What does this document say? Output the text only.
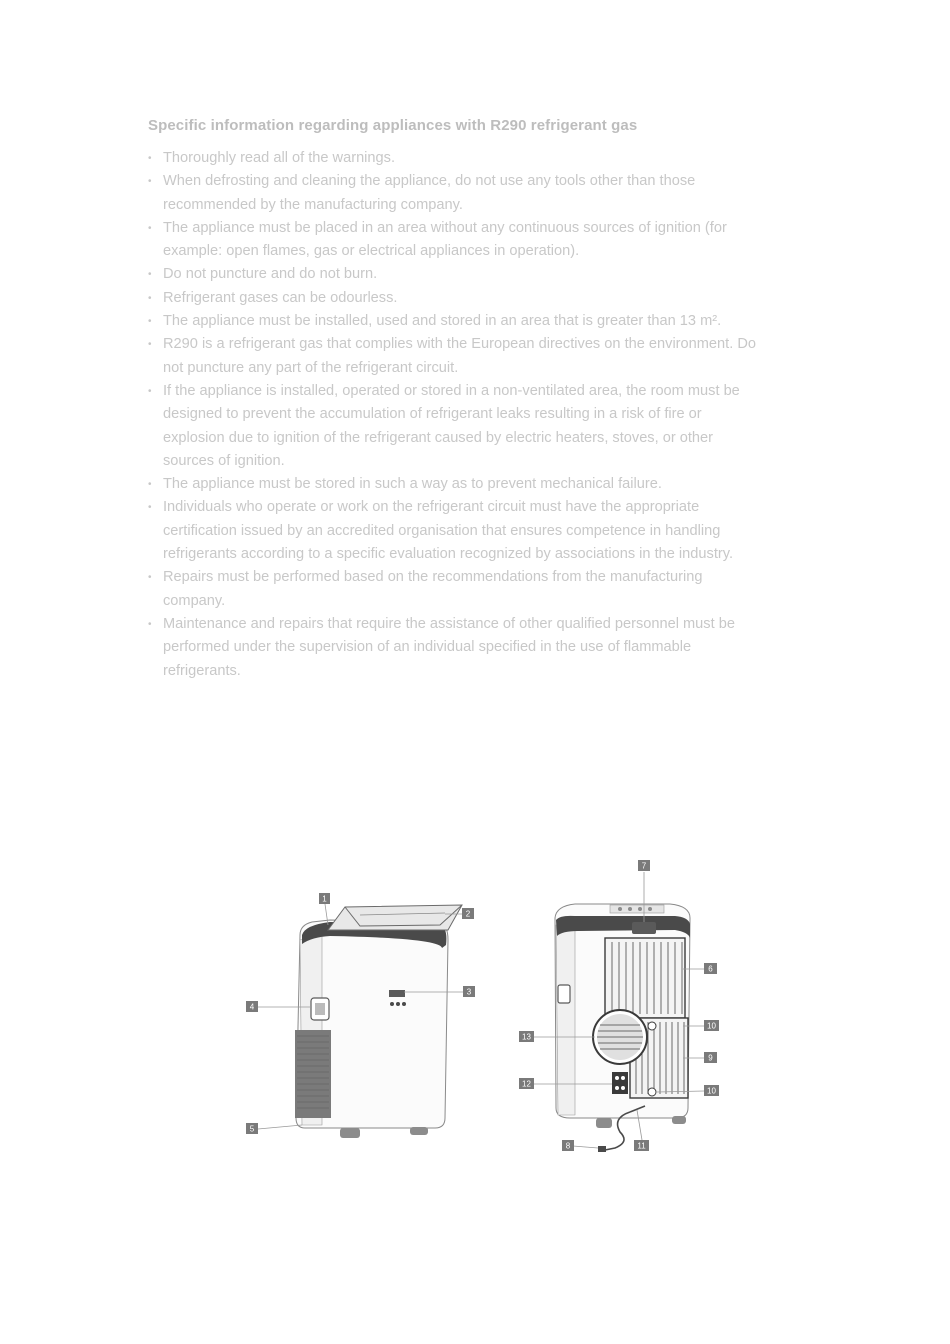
Specific information regarding appliances with R290 refrigerant gas
• Thoroughly read all of the warnings.
• When defrosting and cleaning the appliance, do not use any tools other than those recommended by the manufacturing company.
• The appliance must be placed in an area without any continuous sources of ignition (for example: open flames, gas or electrical appliances in operation).
• Do not puncture and do not burn.
• Refrigerant gases can be odourless.
• The appliance must be installed, used and stored in an area that is greater than 13 m².
• R290 is a refrigerant gas that complies with the European directives on the environment. Do not puncture any part of the refrigerant circuit.
• If the appliance is installed, operated or stored in a non-ventilated area, the room must be designed to prevent the accumulation of refrigerant leaks resulting in a risk of fire or explosion due to ignition of the refrigerant caused by electric heaters, stoves, or other sources of ignition.
• The appliance must be stored in such a way as to prevent mechanical failure.
• Individuals who operate or work on the refrigerant circuit must have the appropriate certification issued by an accredited organisation that ensures competence in handling refrigerants according to a specific evaluation recognized by associations in the industry.
• Repairs must be performed based on the recommendations from the manufacturing company.
• Maintenance and repairs that require the assistance of other qualified personnel must be performed under the supervision of an individual specified in the use of flammable refrigerants.
1
2
3
4
5
7
6
10
9
10
13
12
8	11
